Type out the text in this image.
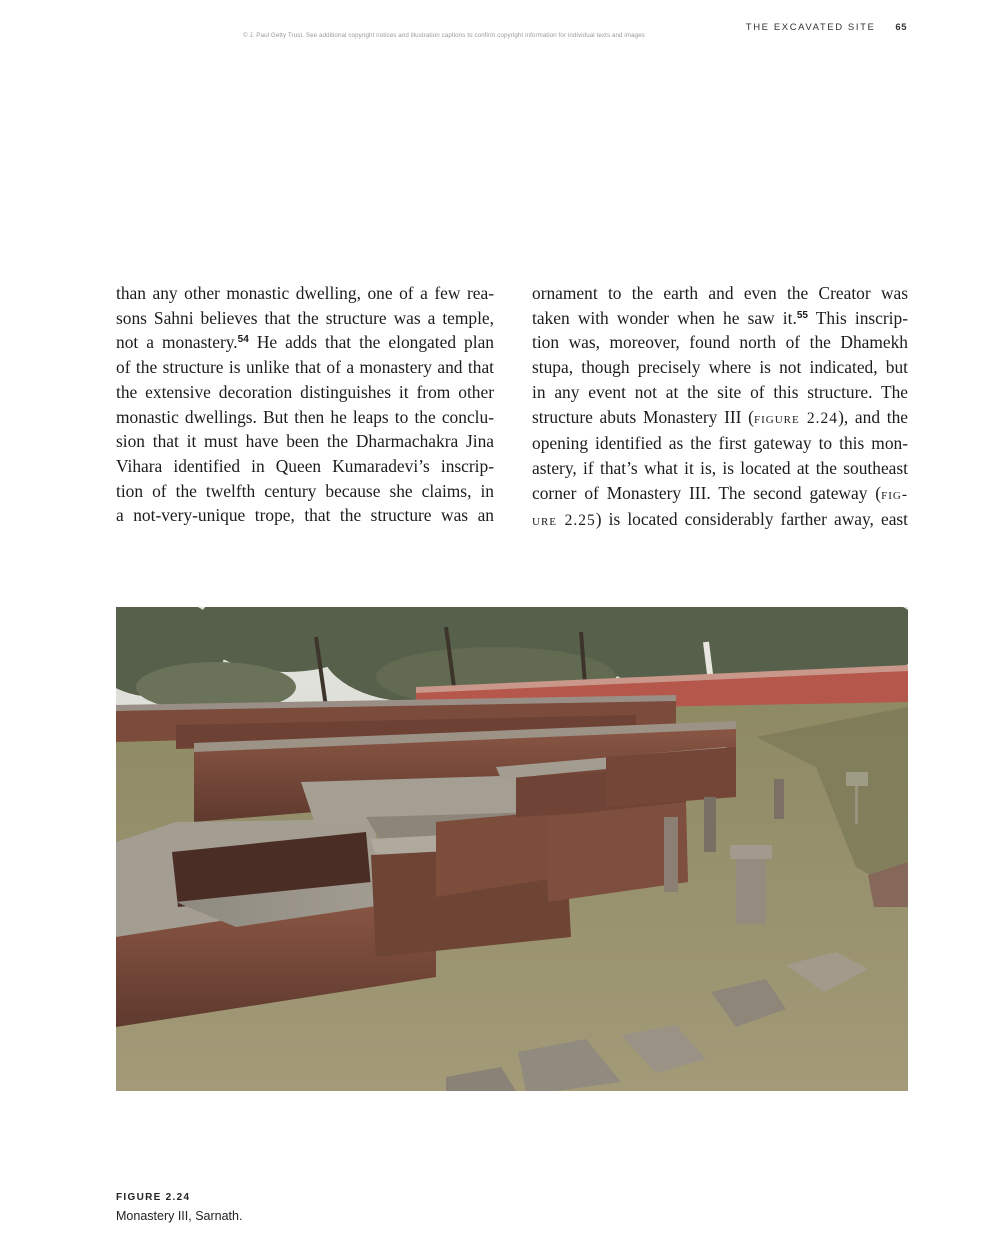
© J. Paul Getty Trust. See additional copyright notices and illustration captions to confirm copyright information for individual texts and images
THE EXCAVATED SITE 65
than any other monastic dwelling, one of a few rea-
sons Sahni believes that the structure was a temple,
not a monastery.$^{54}$ He adds that the elongated plan
of the structure is unlike that of a monastery and that
the extensive decoration distinguishes it from other
monastic dwellings. But then he leaps to the conclu-
sion that it must have been the Dharmachakra Jina
Vihara identified in Queen Kumaradevi’s inscrip-
tion of the twelfth century because she claims, in
a not-very-unique trope, that the structure was an
ornament to the earth and even the Creator was
taken with wonder when he saw it.$^{55}$ This inscrip-
tion was, moreover, found north of the Dhamekh
stupa, though precisely where is not indicated, but
in any event not at the site of this structure. The
structure abuts Monastery III (figure 2.24), and the
opening identified as the first gateway to this mon-
astery, if that’s what it is, is located at the southeast
corner of Monastery III. The second gateway (fig-
ure 2.25) is located considerably farther away, east
FIGURE 2.24
Monastery III, Sarnath.
